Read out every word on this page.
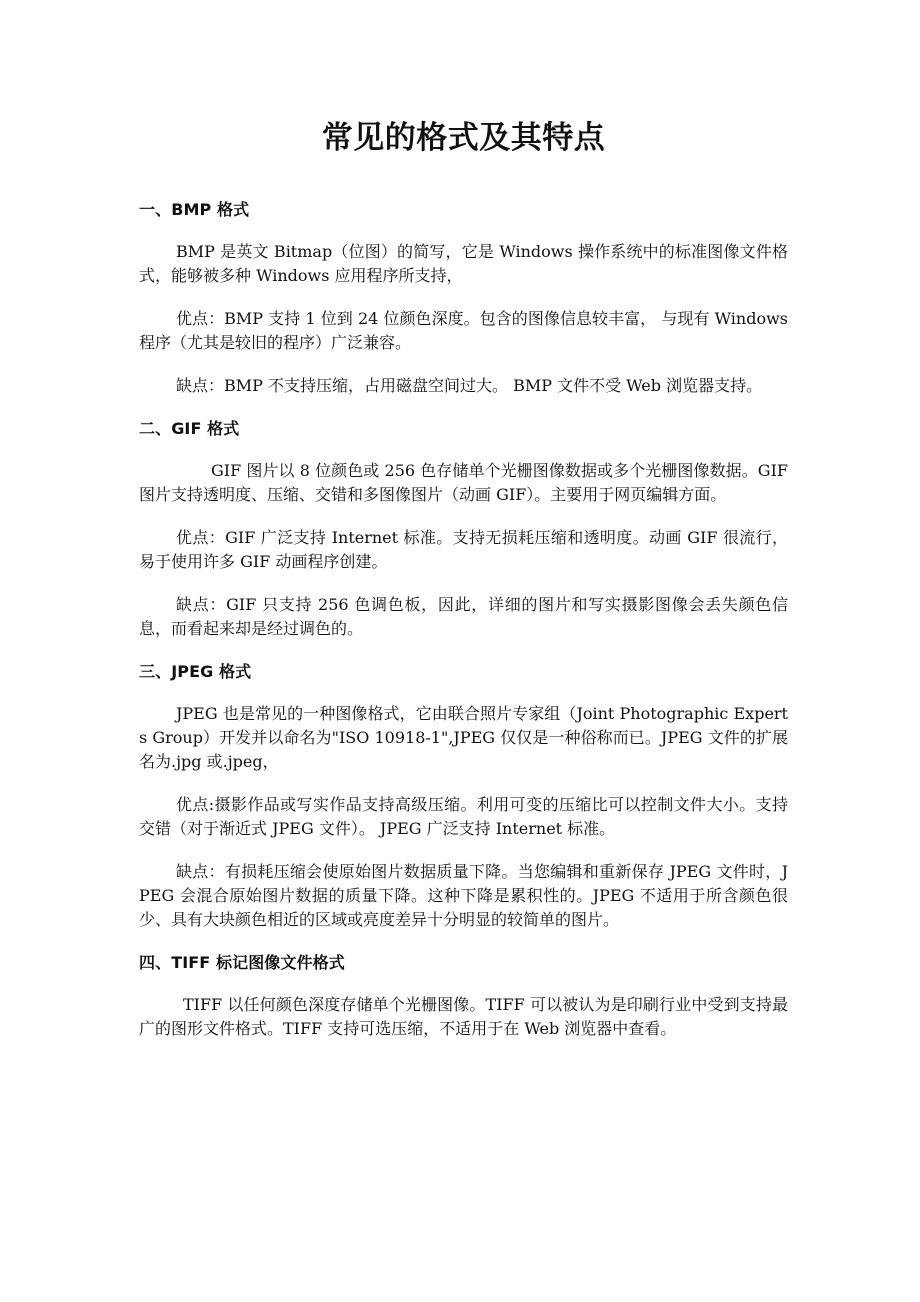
常见的格式及其特点
一、BMP 格式

BMP 是英文 Bitmap（位图）的简写，它是 Windows 操作系统中的标准图像文件格式，能够被多种 Windows 应用程序所支持，

优点：BMP 支持 1 位到 24 位颜色深度。包含的图像信息较丰富， 与现有 Windows 程序（尤其是较旧的程序）广泛兼容。

缺点：BMP 不支持压缩，占用磁盘空间过大。 BMP 文件不受 Web 浏览器支持。

二、GIF 格式

GIF 图片以 8 位颜色或 256 色存储单个光栅图像数据或多个光栅图像数据。GIF 图片支持透明度、压缩、交错和多图像图片（动画 GIF）。主要用于网页编辑方面。

优点：GIF 广泛支持 Internet 标准。支持无损耗压缩和透明度。动画 GIF 很流行，易于使用许多 GIF 动画程序创建。

缺点：GIF 只支持 256 色调色板，因此，详细的图片和写实摄影图像会丢失颜色信息，而看起来却是经过调色的。

三、JPEG 格式

JPEG 也是常见的一种图像格式，它由联合照片专家组（Joint Photographic Experts Group）开发并以命名为"ISO 10918-1",JPEG 仅仅是一种俗称而已。JPEG 文件的扩展名为.jpg 或.jpeg，

优点:摄影作品或写实作品支持高级压缩。利用可变的压缩比可以控制文件大小。支持交错（对于渐近式 JPEG 文件）。 JPEG 广泛支持 Internet 标准。

缺点：有损耗压缩会使原始图片数据质量下降。当您编辑和重新保存 JPEG 文件时，JPEG 会混合原始图片数据的质量下降。这种下降是累积性的。JPEG 不适用于所含颜色很少、具有大块颜色相近的区域或亮度差异十分明显的较简单的图片。

四、TIFF 标记图像文件格式

TIFF 以任何颜色深度存储单个光栅图像。TIFF 可以被认为是印刷行业中受到支持最广的图形文件格式。TIFF 支持可选压缩，不适用于在 Web 浏览器中查看。
